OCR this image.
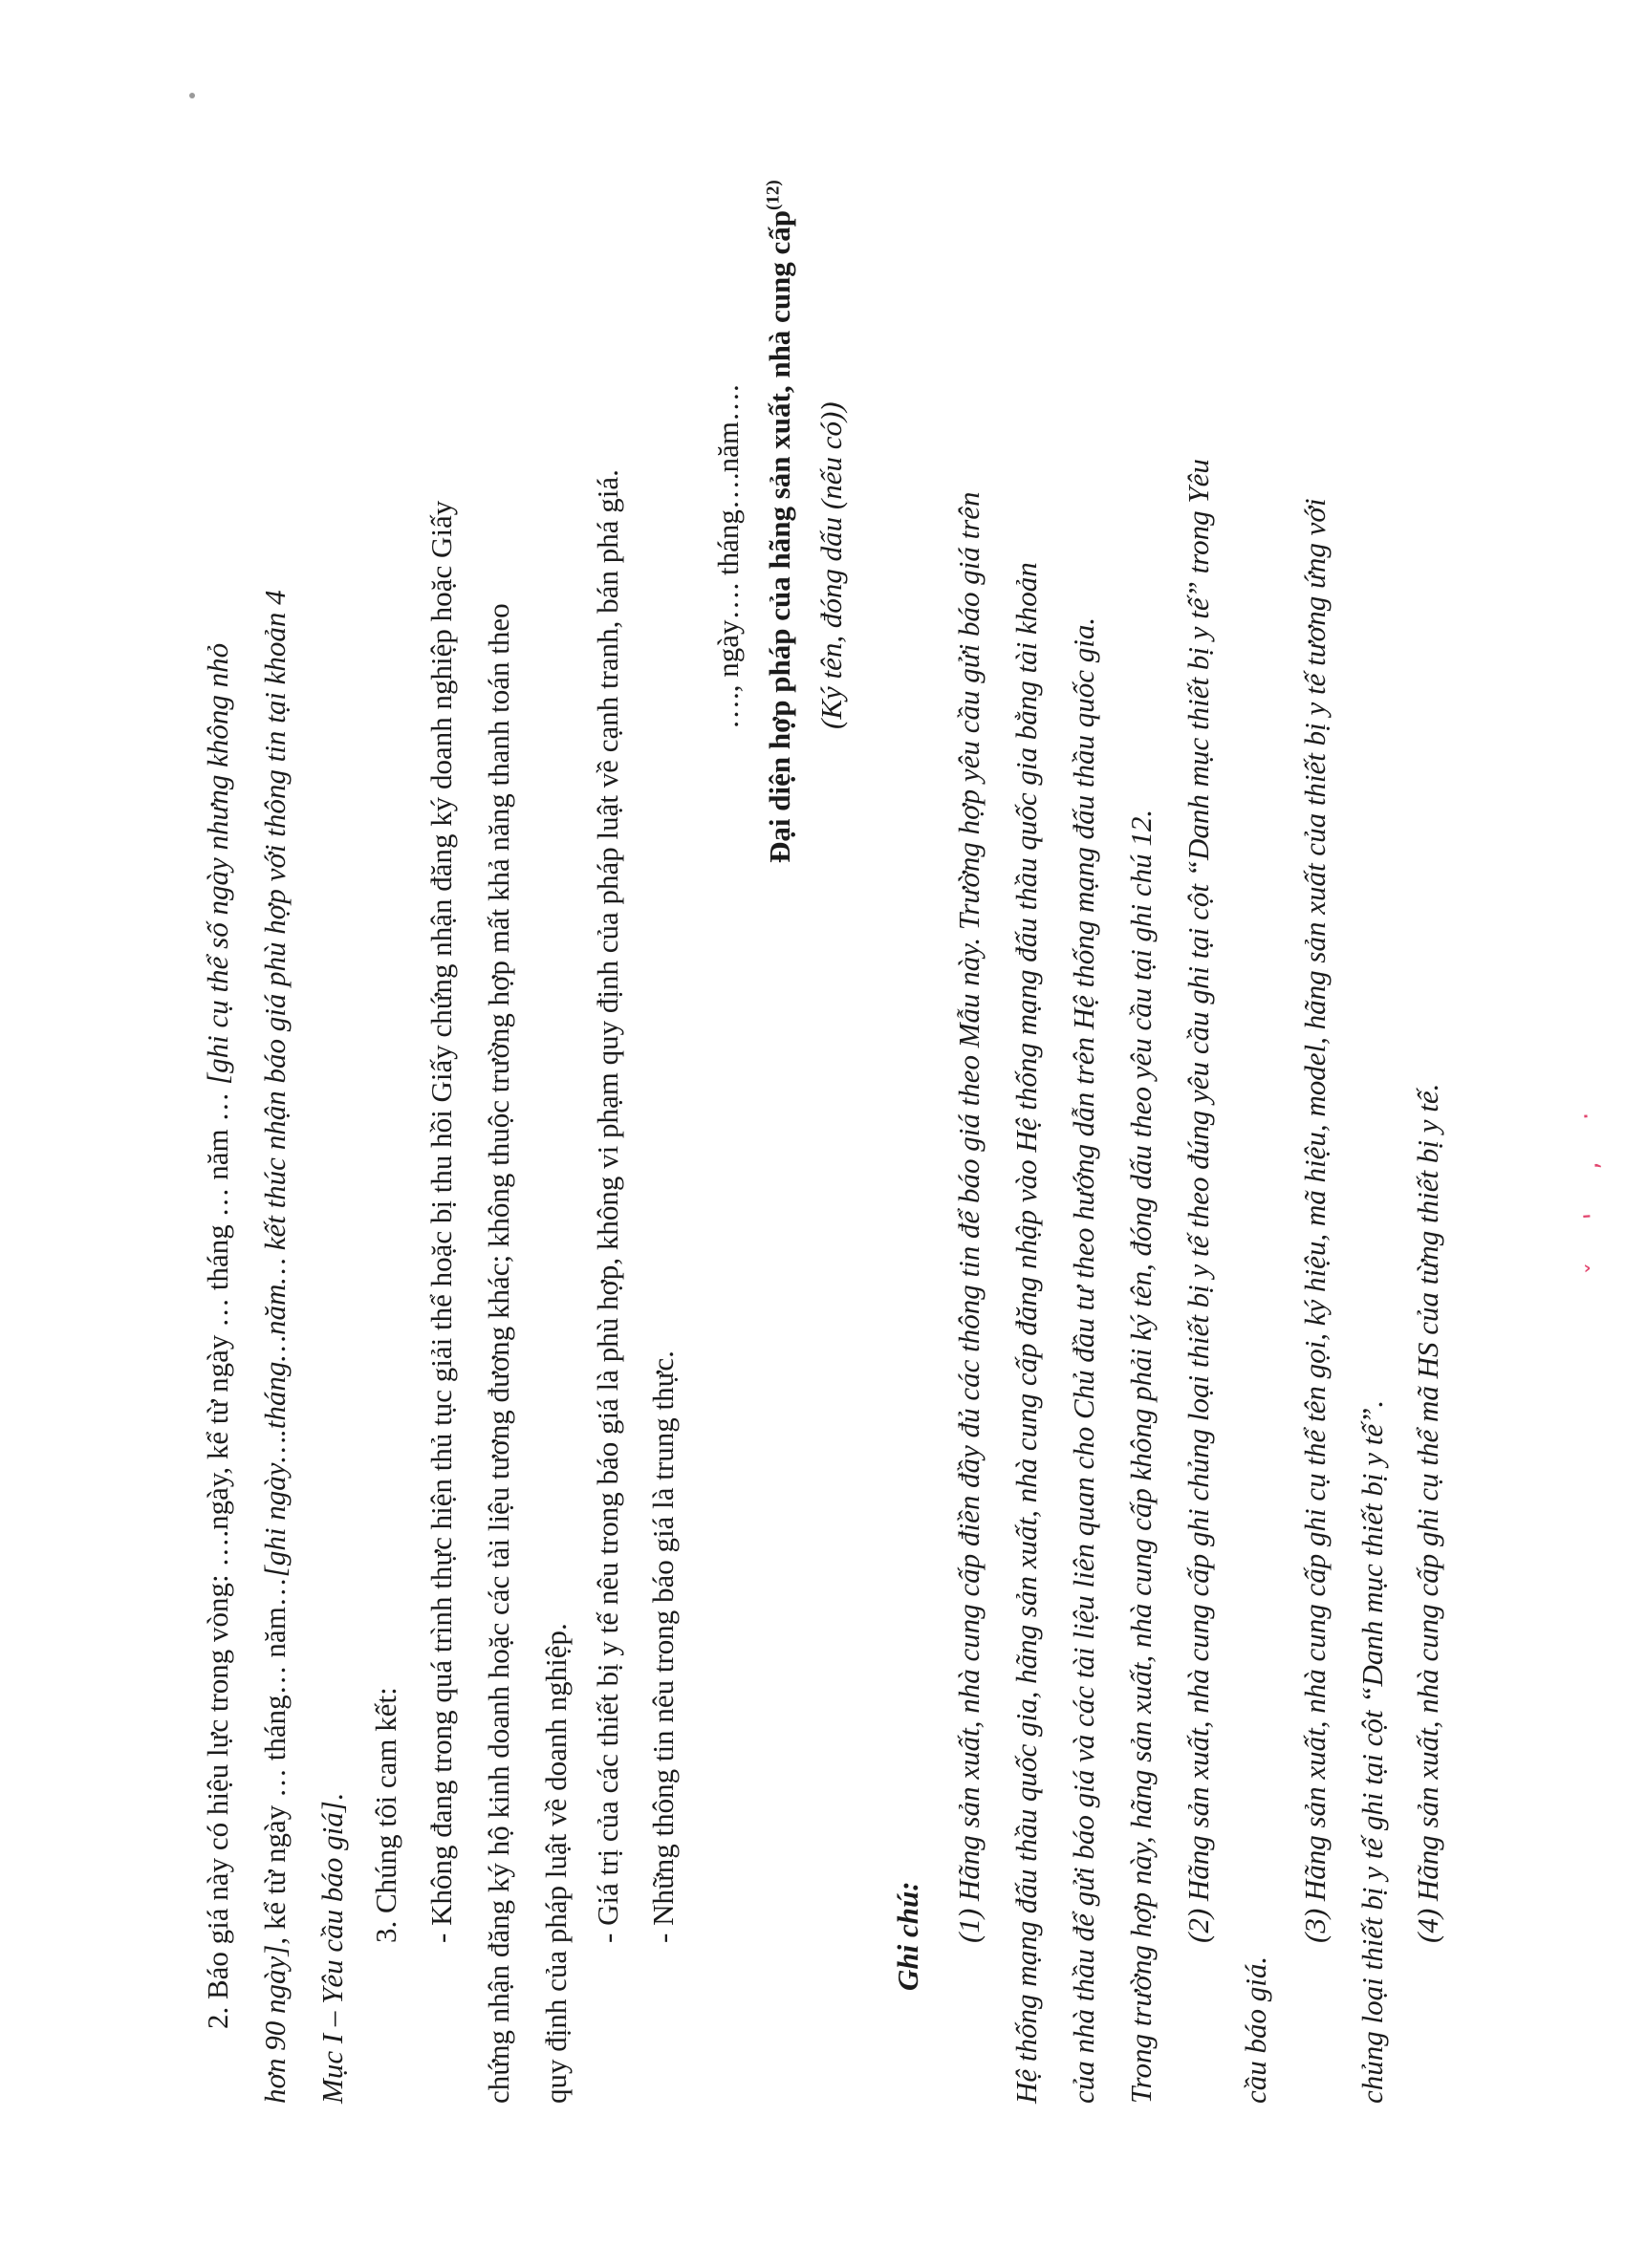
2. Báo giá này có hiệu lực trong vòng: ….ngày, kể từ ngày … tháng … năm … [ghi cụ thể số ngày nhưng không nhỏ
hơn 90 ngày], kể từ ngày … tháng… năm…[ghi ngày….tháng…năm… kết thúc nhận báo giá phù hợp với thông tin tại khoản 4
Mục I – Yêu cầu báo giá]. 3. Chúng tôi cam kết: - Không đang trong quá trình thực hiện thủ tục giải thể hoặc bị thu hồi Giấy chứng nhận đăng ký doanh nghiệp hoặc Giấy chứng nhận đăng ký hộ kinh doanh hoặc các tài liệu tương đương khác; không thuộc trường hợp mất khả năng thanh toán theo quy định của pháp luật về doanh nghiệp. - Giá trị của các thiết bị y tế nêu trong báo giá là phù hợp, không vi phạm quy định của pháp luật về cạnh tranh, bán phá giá. - Những thông tin nêu trong báo giá là trung thực.
…., ngày…. tháng….năm…. Đại diện hợp pháp của hãng sản xuất, nhà cung cấp$^{(12)}$
(Ký tên, đóng dấu (nếu có))
Ghi chú: (1) Hãng sản xuất, nhà cung cấp điền đầy đủ các thông tin để báo giá theo Mẫu này. Trường hợp yêu cầu gửi báo giá trên Hệ thống mạng đấu thầu quốc gia, hãng sản xuất, nhà cung cấp đăng nhập vào Hệ thống mạng đấu thầu quốc gia bằng tài khoản của nhà thầu để gửi báo giá và các tài liệu liên quan cho Chủ đầu tư theo hướng dẫn trên Hệ thống mạng đấu thầu quốc gia. Trong trường hợp này, hãng sản xuất, nhà cung cấp không phải ký tên, đóng dấu theo yêu cầu tại ghi chú 12. (2) Hãng sản xuất, nhà cung cấp ghi chủng loại thiết bị y tế theo đúng yêu cầu ghi tại cột “Danh mục thiết bị y tế” trong Yêu
cầu báo giá.
(3) Hãng sản xuất, nhà cung cấp ghi cụ thể tên gọi, ký hiệu, mã hiệu, model, hãng sản xuất của thiết bị y tế tương ứng với chủng loại thiết bị y tế ghi tại cột “Danh mục thiết bị y tế”. (4) Hãng sản xuất, nhà cung cấp ghi cụ thể mã HS của từng thiết bị y tế.	ˇ ' ‚ ·
